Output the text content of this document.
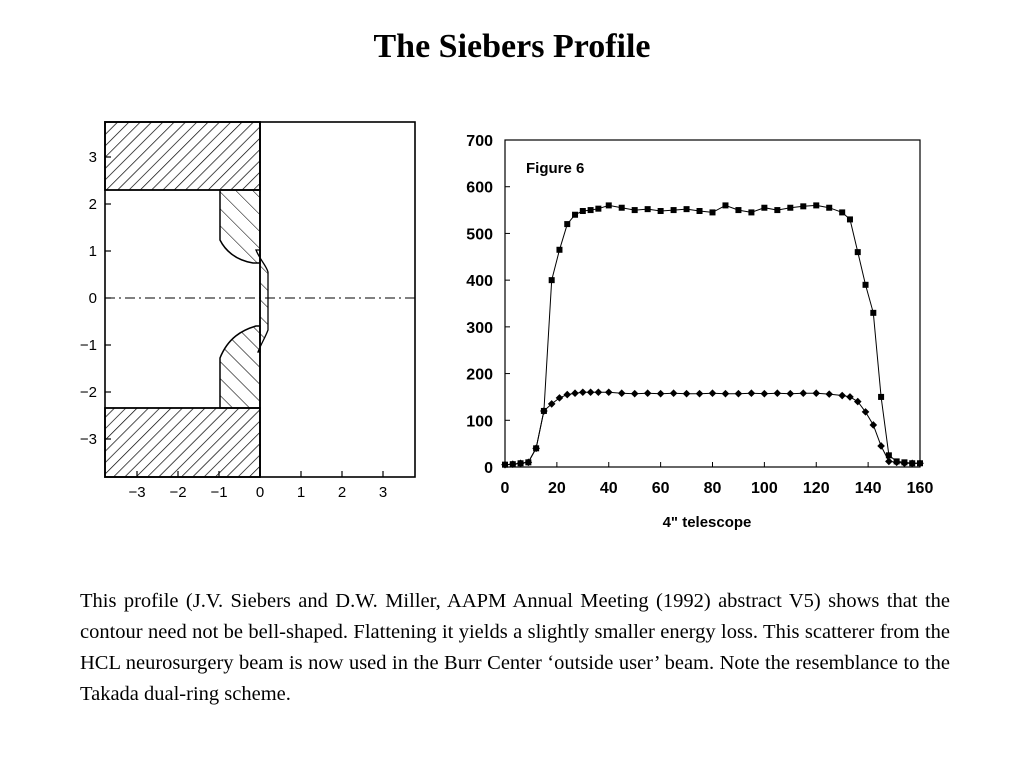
The Siebers Profile
−3 −2 −1 0 1 2 3
3
2
1
0
−1
−2
−3
Figure 6
0 20 40 60 80 100 120 140 160
0
100
200
300
400
500
600
700
4" telescope
This profile (J.V. Siebers and D.W. Miller, AAPM Annual Meeting (1992) abstract V5) shows that the contour need not be bell-shaped. Flattening it yields a slightly smaller energy loss. This scatterer from the HCL neurosurgery beam is now used in the Burr Center ‘outside user’ beam. Note the resemblance to the Takada dual-ring scheme.
